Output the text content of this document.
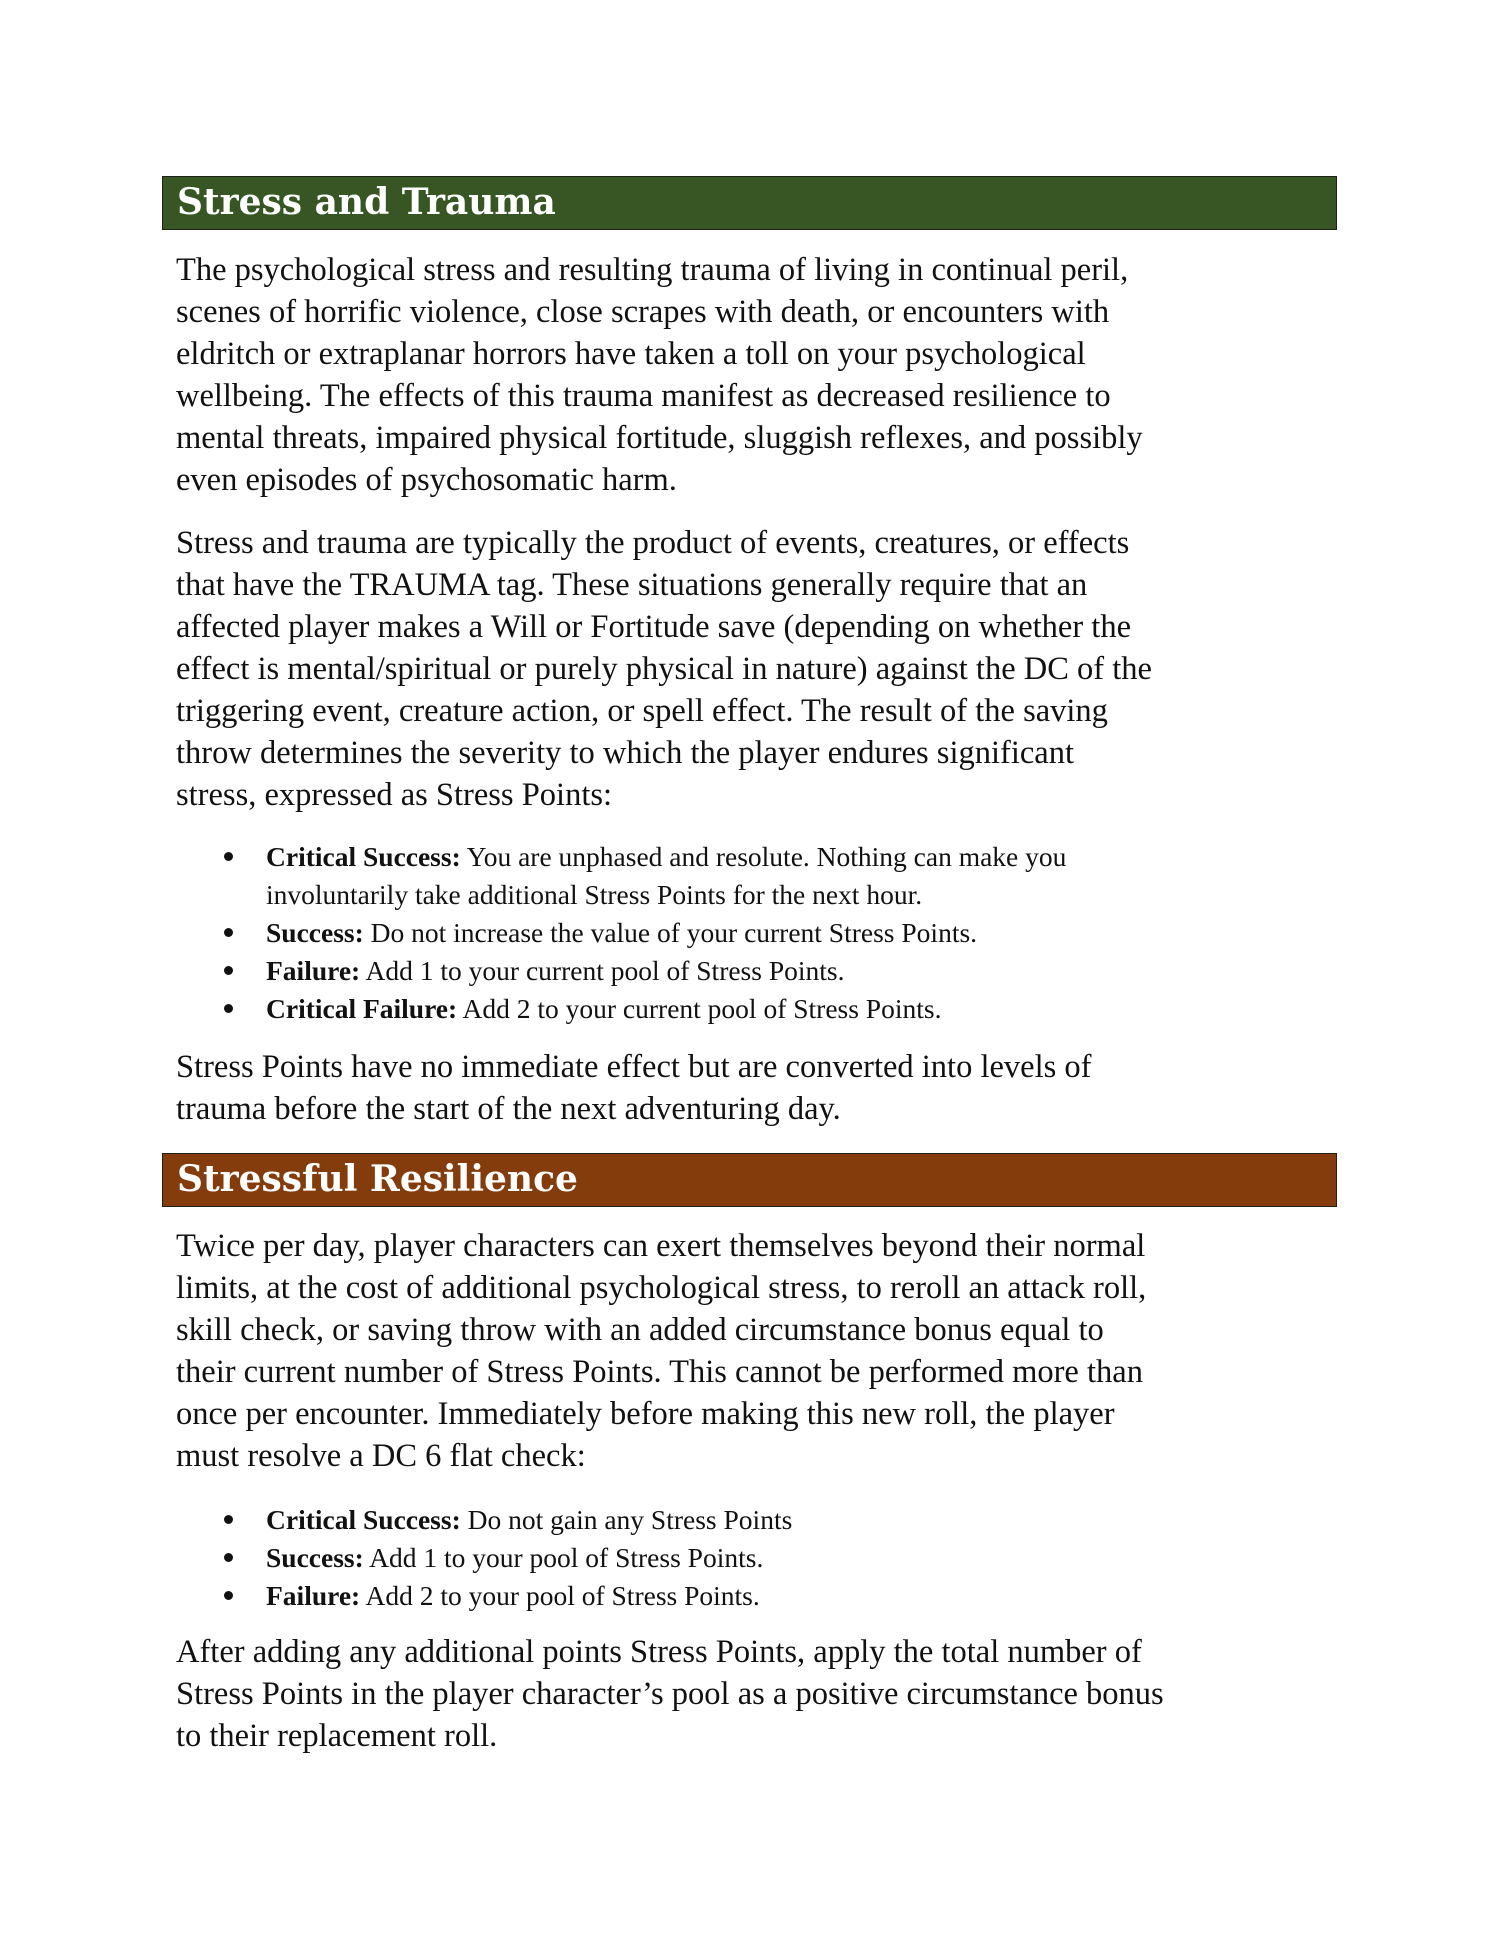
Stress and Trauma

The psychological stress and resulting trauma of living in continual peril,
scenes of horrific violence, close scrapes with death, or encounters with
eldritch or extraplanar horrors have taken a toll on your psychological
wellbeing. The effects of this trauma manifest as decreased resilience to
mental threats, impaired physical fortitude, sluggish reflexes, and possibly
even episodes of psychosomatic harm.

Stress and trauma are typically the product of events, creatures, or effects
that have the TRAUMA tag. These situations generally require that an
affected player makes a Will or Fortitude save (depending on whether the
effect is mental/spiritual or purely physical in nature) against the DC of the
triggering event, creature action, or spell effect. The result of the saving
throw determines the severity to which the player endures significant
stress, expressed as Stress Points:

Critical Success: You are unphased and resolute. Nothing can make you
involuntarily take additional Stress Points for the next hour.
Success: Do not increase the value of your current Stress Points.
Failure: Add 1 to your current pool of Stress Points.
Critical Failure: Add 2 to your current pool of Stress Points.

Stress Points have no immediate effect but are converted into levels of
trauma before the start of the next adventuring day.

Stressful Resilience

Twice per day, player characters can exert themselves beyond their normal
limits, at the cost of additional psychological stress, to reroll an attack roll,
skill check, or saving throw with an added circumstance bonus equal to
their current number of Stress Points. This cannot be performed more than
once per encounter. Immediately before making this new roll, the player
must resolve a DC 6 flat check:

Critical Success: Do not gain any Stress Points
Success: Add 1 to your pool of Stress Points.
Failure: Add 2 to your pool of Stress Points.

After adding any additional points Stress Points, apply the total number of
Stress Points in the player character’s pool as a positive circumstance bonus
to their replacement roll.
